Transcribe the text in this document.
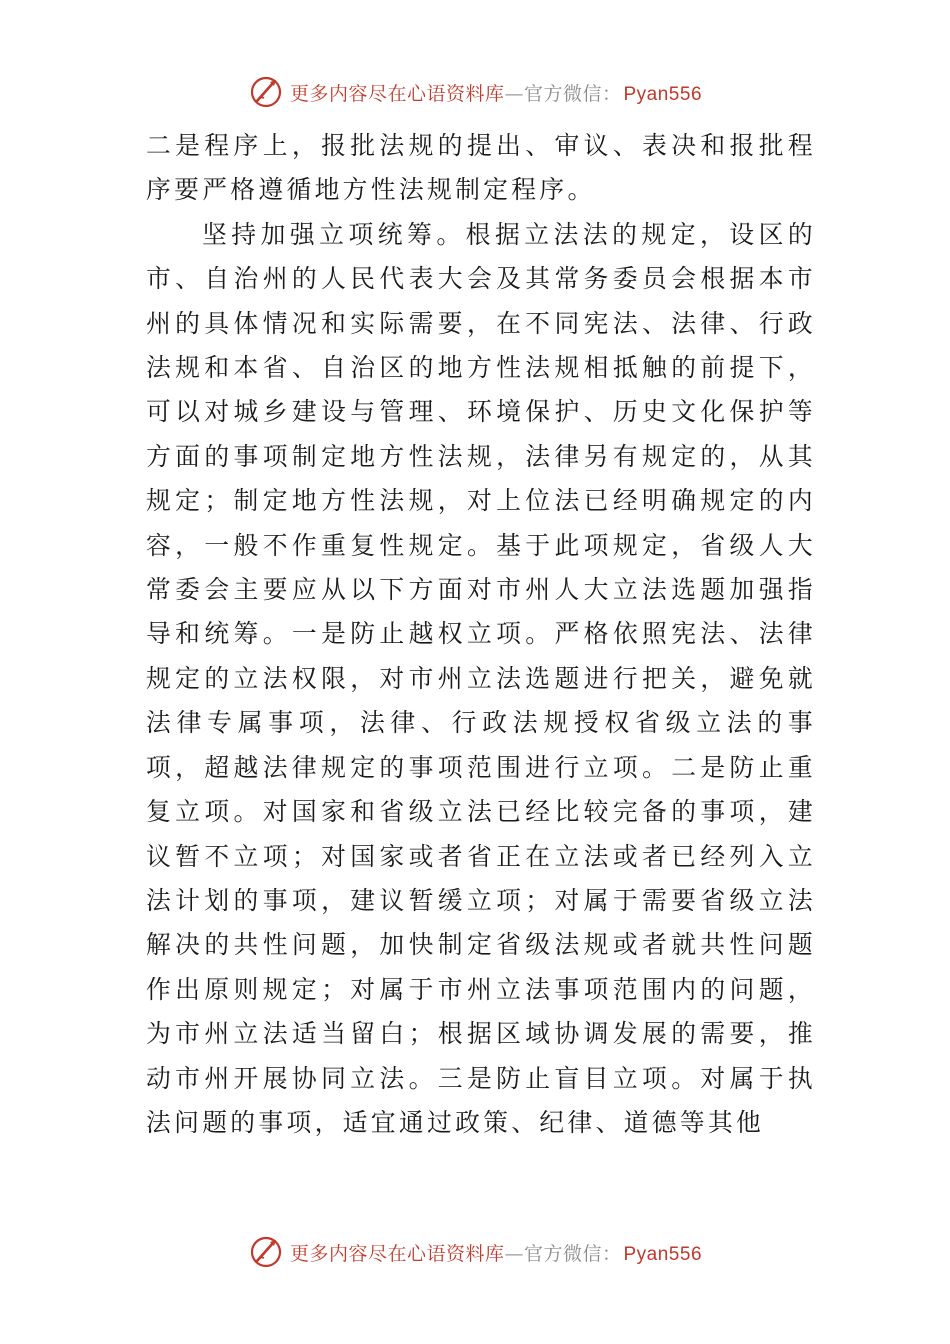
更多内容尽在心语资料库—官方微信： Pyan556

二是程序上，报批法规的提出、审议、表决和报批程序要严格遵循地方性法规制定程序。

坚持加强立项统筹。根据立法法的规定，设区的市、自治州的人民代表大会及其常务委员会根据本市州的具体情况和实际需要，在不同宪法、法律、行政法规和本省、自治区的地方性法规相抵触的前提下，可以对城乡建设与管理、环境保护、历史文化保护等方面的事项制定地方性法规，法律另有规定的，从其规定；制定地方性法规，对上位法已经明确规定的内容，一般不作重复性规定。基于此项规定，省级人大常委会主要应从以下方面对市州人大立法选题加强指导和统筹。一是防止越权立项。严格依照宪法、法律规定的立法权限，对市州立法选题进行把关，避免就法律专属事项，法律、行政法规授权省级立法的事项，超越法律规定的事项范围进行立项。二是防止重复立项。对国家和省级立法已经比较完备的事项，建议暂不立项；对国家或者省正在立法或者已经列入立法计划的事项，建议暂缓立项；对属于需要省级立法解决的共性问题，加快制定省级法规或者就共性问题作出原则规定；对属于市州立法事项范围内的问题，为市州立法适当留白；根据区域协调发展的需要，推动市州开展协同立法。三是防止盲目立项。对属于执法问题的事项，适宜通过政策、纪律、道德等其他

更多内容尽在心语资料库—官方微信： Pyan556
